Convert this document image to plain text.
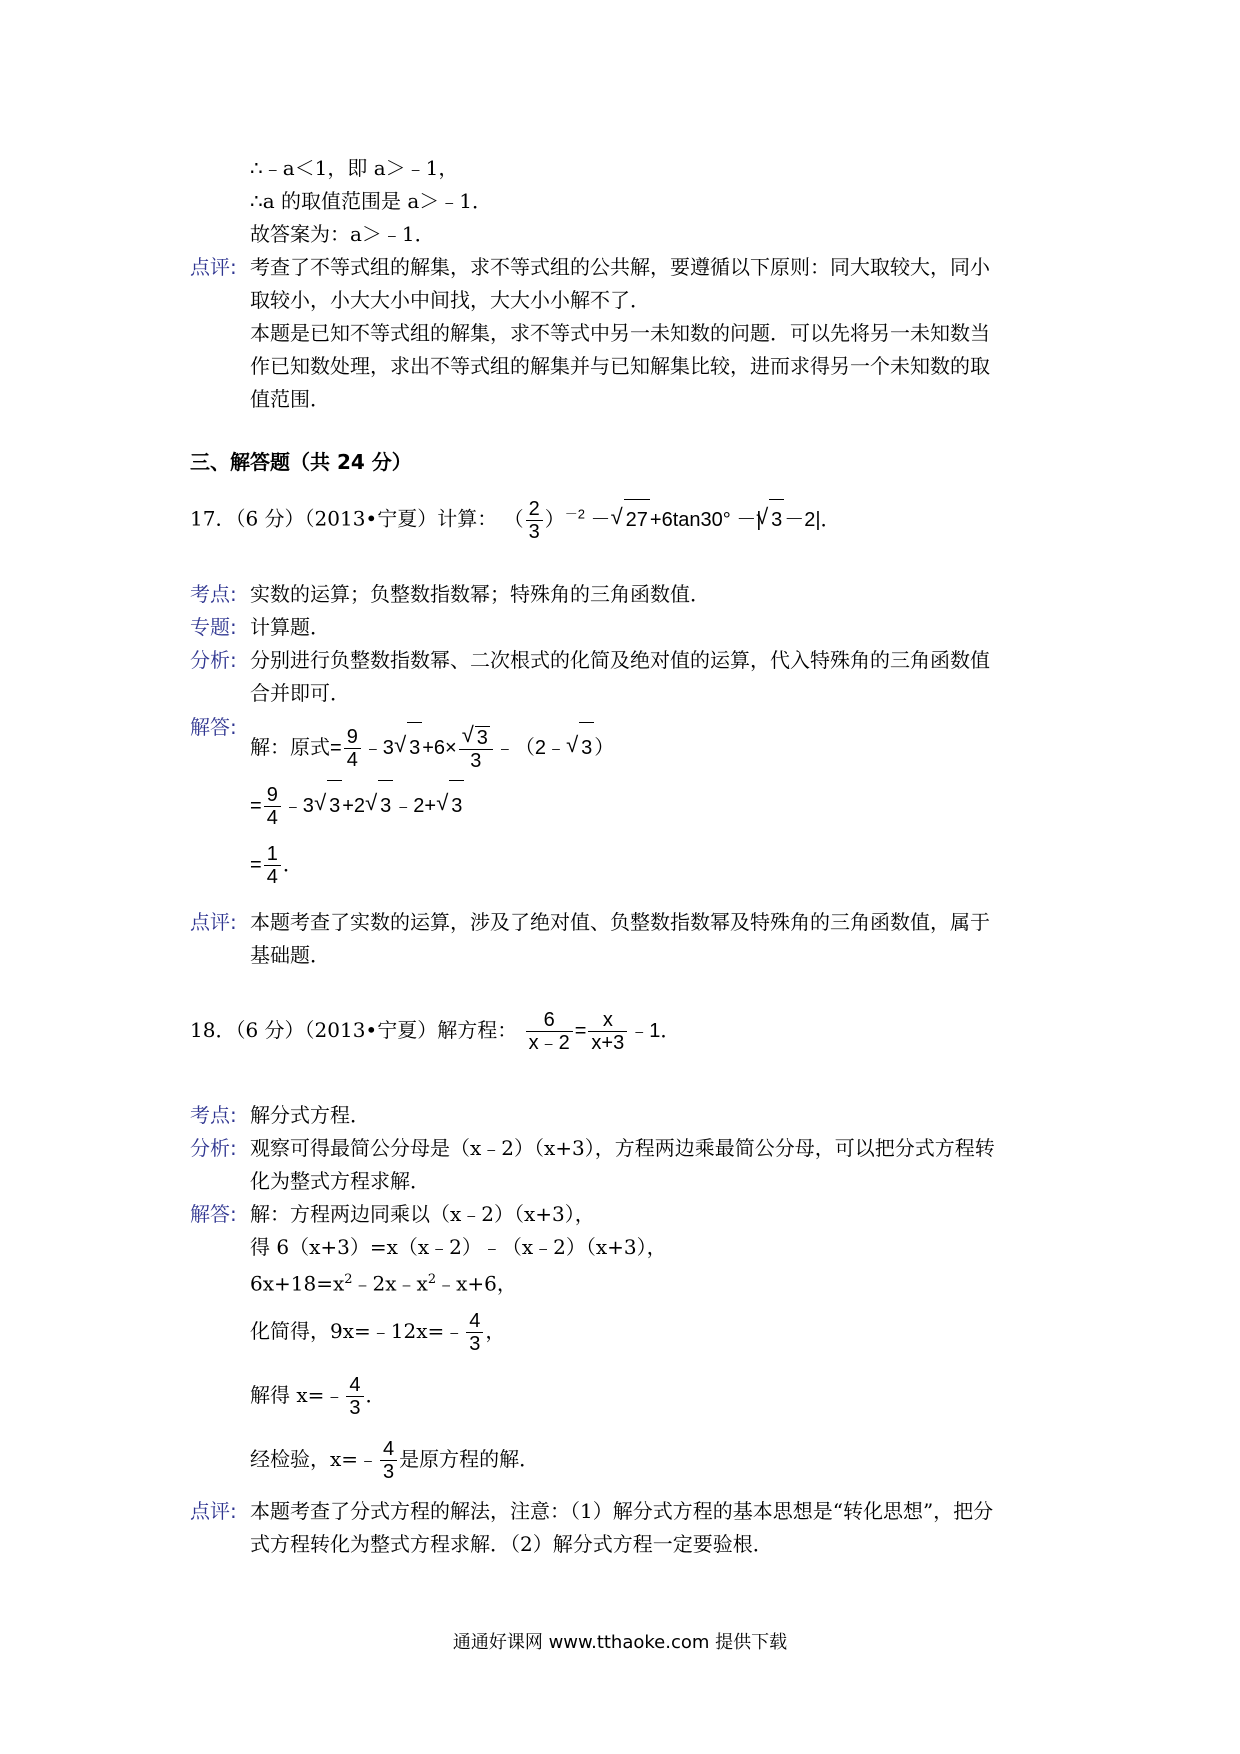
∴﹣a＜1，即 a＞﹣1，
∴a 的取值范围是 a＞﹣1．
故答案为：a＞﹣1．
点评: 考查了不等式组的解集，求不等式组的公共解，要遵循以下原则：同大取较大，同小
取较小，小大大小中间找，大大小小解不了．
本题是已知不等式组的解集，求不等式中另一未知数的问题．可以先将另一未知数当
作已知数处理，求出不等式组的解集并与已知解集比较，进而求得另一个未知数的取
值范围．
三、解答题（共 24 分）
17．（6 分）（2013•宁夏）计算： （ $\frac{2}{3} )^{-2}$ － √ 27 +6tan30° －| √ 3 －2|．
考点: 实数的运算；负整数指数幂；特殊角的三角函数值．
专题: 计算题．
分析: 分别进行负整数指数幂、二次根式的化简及绝对值的运算，代入特殊角的三角函数值
合并即可．
解答:
解：原式= $\frac{9}{4}$ ﹣3 √ 3 +6× √ $\frac{3}{3}$ ﹣（2﹣ √ 3 ）
= $\frac{9}{4}$ ﹣3 √ 3 +2 √ 3 ﹣2+ √ 3
= $\frac{1}{4}$ ．
点评: 本题考查了实数的运算，涉及了绝对值、负整数指数幂及特殊角的三角函数值，属于
基础题．
18．（6 分）（2013•宁夏）解方程： $\frac{6}{x﹣2} = \frac{x}{x+3}$ ﹣1．
考点: 解分式方程．
分析: 观察可得最简公分母是（x﹣2）（x+3），方程两边乘最简公分母，可以把分式方程转
化为整式方程求解．
解答: 解：方程两边同乘以（x﹣2）（x+3），
得 6（x+3）=x（x﹣2）﹣（x﹣2）（x+3），
$6x+18=x^2﹣2x﹣x^2﹣x+6$，
化简得，9x=﹣12x=﹣ $\frac{4}{3}$ ，
解得 x=﹣ $\frac{4}{3}$ ．
经检验，x=﹣ $\frac{4}{3}$ 是原方程的解．
点评: 本题考查了分式方程的解法，注意：（1）解分式方程的基本思想是“转化思想”，把分
式方程转化为整式方程求解．（2）解分式方程一定要验根．
通通好课网 www.tthaoke.com 提供下载
